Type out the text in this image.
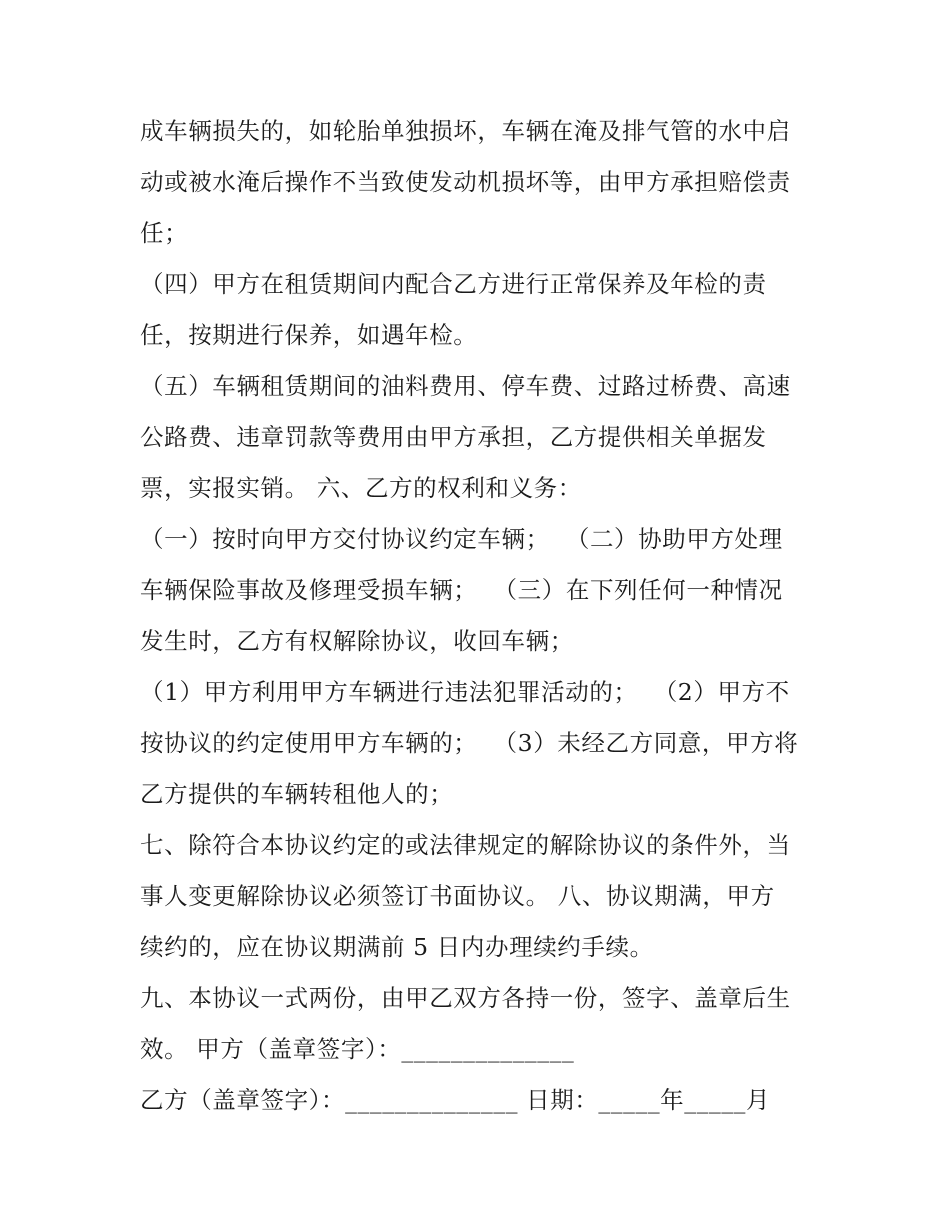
成车辆损失的，如轮胎单独损坏，车辆在淹及排气管的水中启
动或被水淹后操作不当致使发动机损坏等，由甲方承担赔偿责
任；
（四）甲方在租赁期间内配合乙方进行正常保养及年检的责
任，按期进行保养，如遇年检。
（五）车辆租赁期间的油料费用、停车费、过路过桥费、高速
公路费、违章罚款等费用由甲方承担，乙方提供相关单据发
票，实报实销。 六、乙方的权利和义务：
（一）按时向甲方交付协议约定车辆；  （二）协助甲方处理
车辆保险事故及修理受损车辆；  （三）在下列任何一种情况
发生时，乙方有权解除协议，收回车辆；
（1）甲方利用甲方车辆进行违法犯罪活动的；  （2）甲方不
按协议的约定使用甲方车辆的；  （3）未经乙方同意，甲方将
乙方提供的车辆转租他人的；
七、除符合本协议约定的或法律规定的解除协议的条件外，当
事人变更解除协议必须签订书面协议。 八、协议期满，甲方
续约的，应在协议期满前 5 日内办理续约手续。
九、本协议一式两份，由甲乙双方各持一份，签字、盖章后生
效。 甲方（盖章签字）：______________
乙方（盖章签字）：______________ 日期：_____年_____月
